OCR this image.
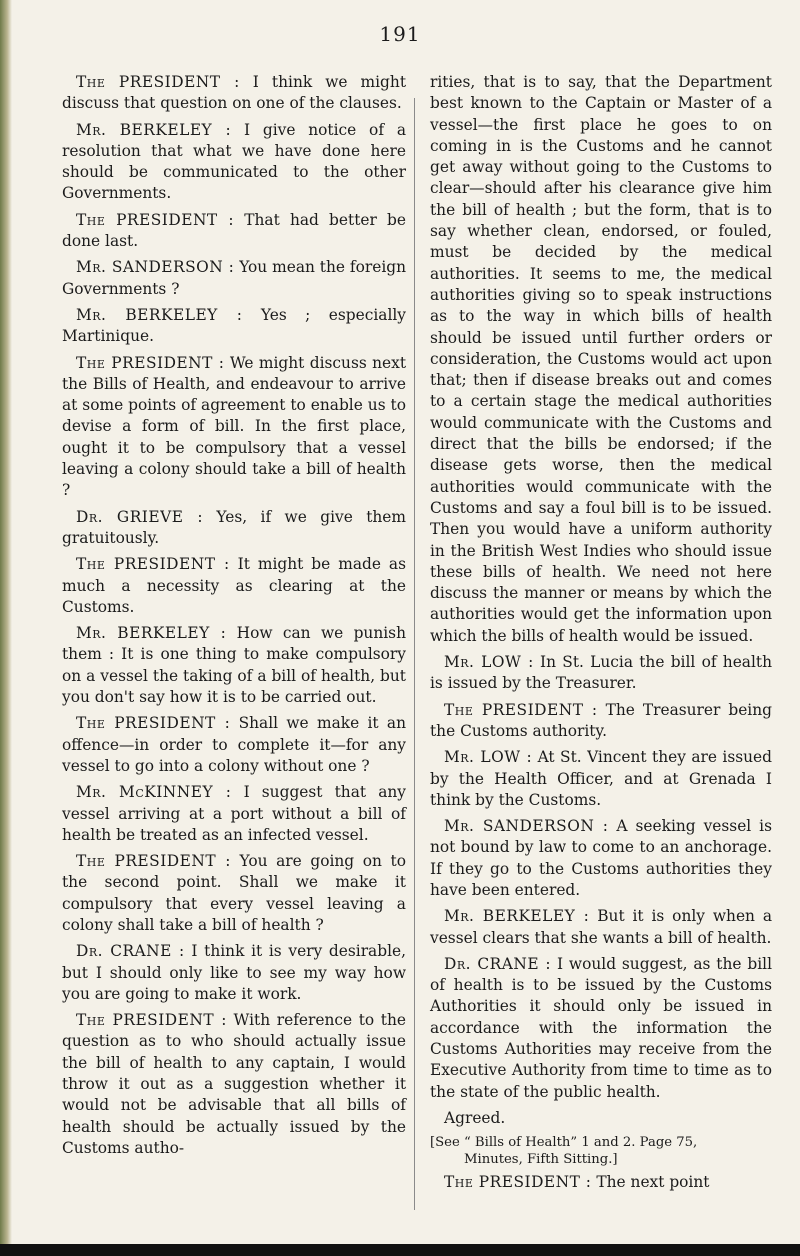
191

The PRESIDENT : I think we might discuss that question on one of the clauses.

Mr. BERKELEY : I give notice of a resolution that what we have done here should be communicated to the other Governments.

The PRESIDENT : That had better be done last.

Mr. SANDERSON : You mean the foreign Governments ?

Mr. BERKELEY : Yes ; especially Martinique.

The PRESIDENT : We might discuss next the Bills of Health, and endeavour to arrive at some points of agreement to enable us to devise a form of bill. In the first place, ought it to be compulsory that a vessel leaving a colony should take a bill of health ?

Dr. GRIEVE : Yes, if we give them gratuitously.

The PRESIDENT : It might be made as much a necessity as clearing at the Customs.

Mr. BERKELEY : How can we punish them : It is one thing to make compulsory on a vessel the taking of a bill of health, but you don't say how it is to be carried out.

The PRESIDENT : Shall we make it an offence—in order to complete it—for any vessel to go into a colony without one ?

Mr. McKINNEY : I suggest that any vessel arriving at a port without a bill of health be treated as an infected vessel.

The PRESIDENT : You are going on to the second point. Shall we make it compulsory that every vessel leaving a colony shall take a bill of health ?

Dr. CRANE : I think it is very desirable, but I should only like to see my way how you are going to make it work.

The PRESIDENT : With reference to the question as to who should actually issue the bill of health to any captain, I would throw it out as a suggestion whether it would not be advisable that all bills of health should be actually issued by the Customs autho-

rities, that is to say, that the Department best known to the Captain or Master of a vessel—the first place he goes to on coming in is the Customs and he cannot get away without going to the Customs to clear—should after his clearance give him the bill of health ; but the form, that is to say whether clean, endorsed, or fouled, must be decided by the medical authorities. It seems to me, the medical authorities giving so to speak instructions as to the way in which bills of health should be issued until further orders or consideration, the Customs would act upon that; then if disease breaks out and comes to a certain stage the medical authorities would communicate with the Customs and direct that the bills be endorsed; if the disease gets worse, then the medical authorities would communicate with the Customs and say a foul bill is to be issued. Then you would have a uniform authority in the British West Indies who should issue these bills of health. We need not here discuss the manner or means by which the authorities would get the information upon which the bills of health would be issued.

Mr. LOW : In St. Lucia the bill of health is issued by the Treasurer.

The PRESIDENT : The Treasurer being the Customs authority.

Mr. LOW : At St. Vincent they are issued by the Health Officer, and at Grenada I think by the Customs.

Mr. SANDERSON : A seeking vessel is not bound by law to come to an anchorage. If they go to the Customs authorities they have been entered.

Mr. BERKELEY : But it is only when a vessel clears that she wants a bill of health.

Dr. CRANE : I would suggest, as the bill of health is to be issued by the Customs Authorities it should only be issued in accordance with the information the Customs Authorities may receive from the Executive Authority from time to time as to the state of the public health.

Agreed.

[See “ Bills of Health” 1 and 2. Page 75,
Minutes, Fifth Sitting.]

The PRESIDENT : The next point
